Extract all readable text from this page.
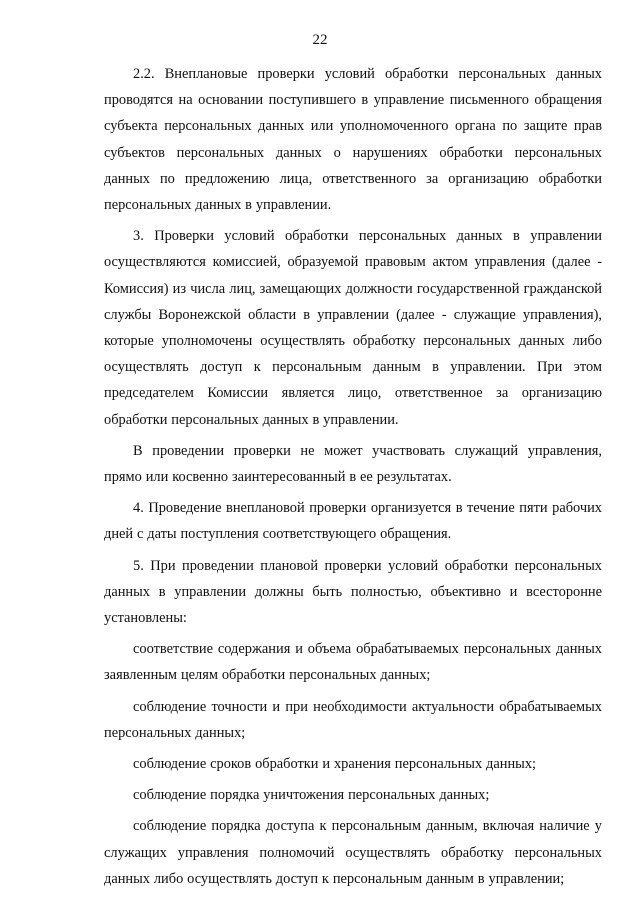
22

2.2. Внеплановые проверки условий обработки персональных данных проводятся на основании поступившего в управление письменного обращения субъекта персональных данных или уполномоченного органа по защите прав субъектов персональных данных о нарушениях обработки персональных данных по предложению лица, ответственного за организацию обработки персональных данных в управлении.

3. Проверки условий обработки персональных данных в управлении осуществляются комиссией, образуемой правовым актом управления (далее - Комиссия) из числа лиц, замещающих должности государственной гражданской службы Воронежской области в управлении (далее - служащие управления), которые уполномочены осуществлять обработку персональных данных либо осуществлять доступ к персональным данным в управлении. При этом председателем Комиссии является лицо, ответственное за организацию обработки персональных данных в управлении.

В проведении проверки не может участвовать служащий управления, прямо или косвенно заинтересованный в ее результатах.

4. Проведение внеплановой проверки организуется в течение пяти рабочих дней с даты поступления соответствующего обращения.

5. При проведении плановой проверки условий обработки персональных данных в управлении должны быть полностью, объективно и всесторонне установлены:

соответствие содержания и объема обрабатываемых персональных данных заявленным целям обработки персональных данных;

соблюдение точности и при необходимости актуальности обрабатываемых персональных данных;

соблюдение сроков обработки и хранения персональных данных;

соблюдение порядка уничтожения персональных данных;

соблюдение порядка доступа к персональным данным, включая наличие у служащих управления полномочий осуществлять обработку персональных данных либо осуществлять доступ к персональным данным в управлении;
